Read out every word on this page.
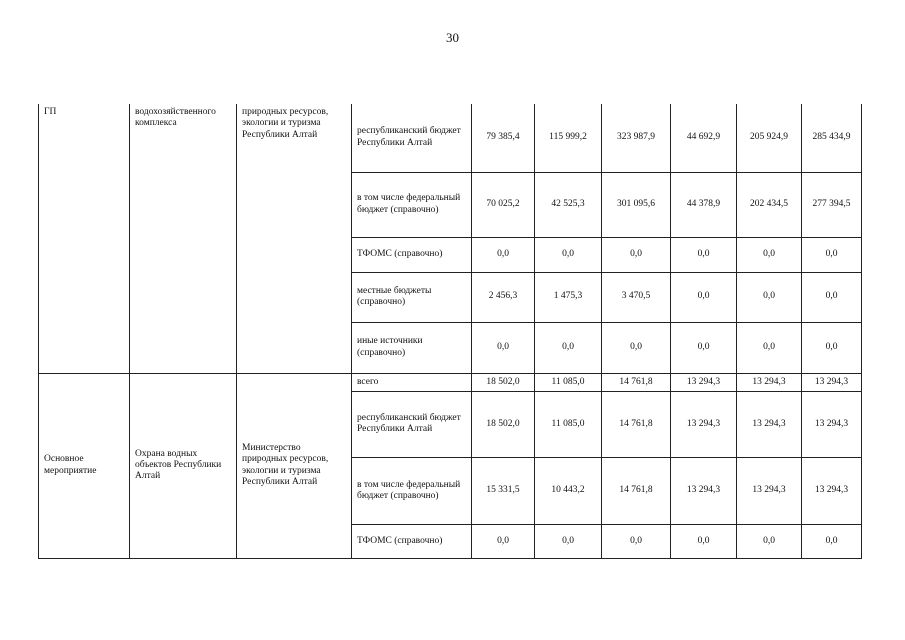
30
ГП	водохозяйственного комплекса	природных ресурсов, экологии и туризма Республики Алтай	республиканский бюджет Республики Алтай	79 385,4	115 999,2	323 987,9	44 692,9	205 924,9	285 434,9
			в том числе федеральный бюджет (справочно)	70 025,2	42 525,3	301 095,6	44 378,9	202 434,5	277 394,5
			ТФОМС (справочно)	0,0	0,0	0,0	0,0	0,0	0,0
			местные бюджеты (справочно)	2 456,3	1 475,3	3 470,5	0,0	0,0	0,0
			иные источники (справочно)	0,0	0,0	0,0	0,0	0,0	0,0
Основное мероприятие	Охрана водных объектов Республики Алтай	Министерство природных ресурсов, экологии и туризма Республики Алтай	всего	18 502,0	11 085,0	14 761,8	13 294,3	13 294,3	13 294,3
			республиканский бюджет Республики Алтай	18 502,0	11 085,0	14 761,8	13 294,3	13 294,3	13 294,3
			в том числе федеральный бюджет (справочно)	15 331,5	10 443,2	14 761,8	13 294,3	13 294,3	13 294,3
			ТФОМС (справочно)	0,0	0,0	0,0	0,0	0,0	0,0
